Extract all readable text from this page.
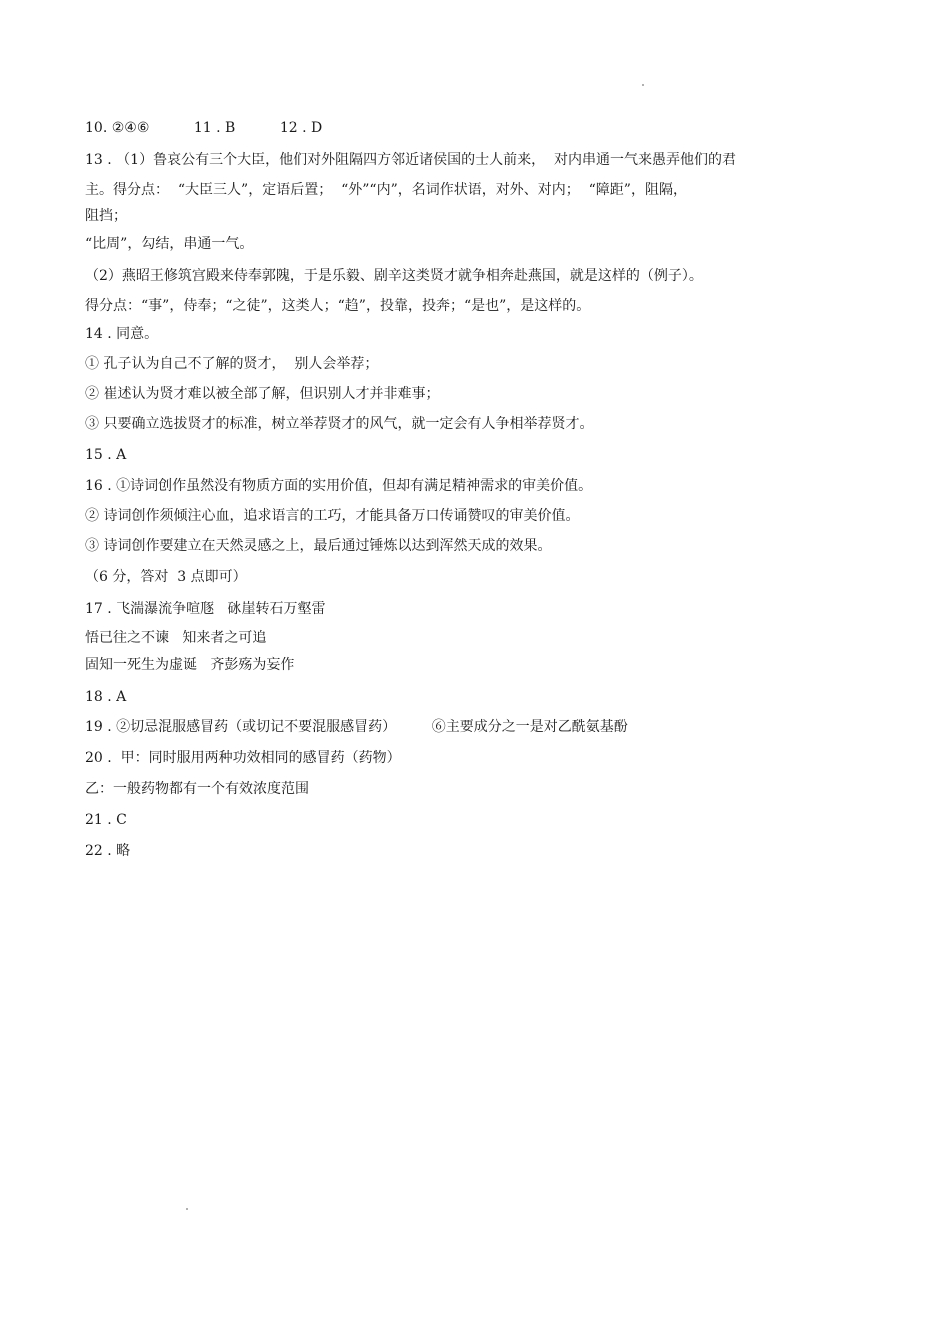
10. ②④⑥          11 . B          12 . D
13 . （1）鲁哀公有三个大臣，他们对外阻隔四方邻近诸侯国的士人前来，  对内串通一气来愚弄他们的君
主。得分点：  “大臣三人”，定语后置；  “外”“内”，名词作状语，对外、对内；  “障距”，阻隔，
阻挡；
“比周”，勾结，串通一气。
（2）燕昭王修筑宫殿来侍奉郭隗，于是乐毅、剧辛这类贤才就争相奔赴燕国，就是这样的（例子）。
得分点：“事”，侍奉；“之徒”，这类人；“趋”，投靠，投奔；“是也”，是这样的。
14 . 同意。
① 孔子认为自己不了解的贤才，  别人会举荐；
② 崔述认为贤才难以被全部了解，但识别人才并非难事；
③ 只要确立选拔贤才的标准，树立举荐贤才的风气，就一定会有人争相举荐贤才。
15 . A
16 . ①诗词创作虽然没有物质方面的实用价值，但却有满足精神需求的审美价值。
② 诗词创作须倾注心血，追求语言的工巧，才能具备万口传诵赞叹的审美价值。
③ 诗词创作要建立在天然灵感之上，最后通过锤炼以达到浑然天成的效果。
（6 分，答对  3 点即可）
17 . 飞湍瀑流争喧豗   砯崖转石万壑雷
悟已往之不谏   知来者之可追
固知一死生为虚诞   齐彭殇为妄作
18 . A
19 . ②切忌混服感冒药（或切记不要混服感冒药）        ⑥主要成分之一是对乙酰氨基酚
20 .  甲：同时服用两种功效相同的感冒药（药物）
乙：一般药物都有一个有效浓度范围
21 . C
22 . 略
